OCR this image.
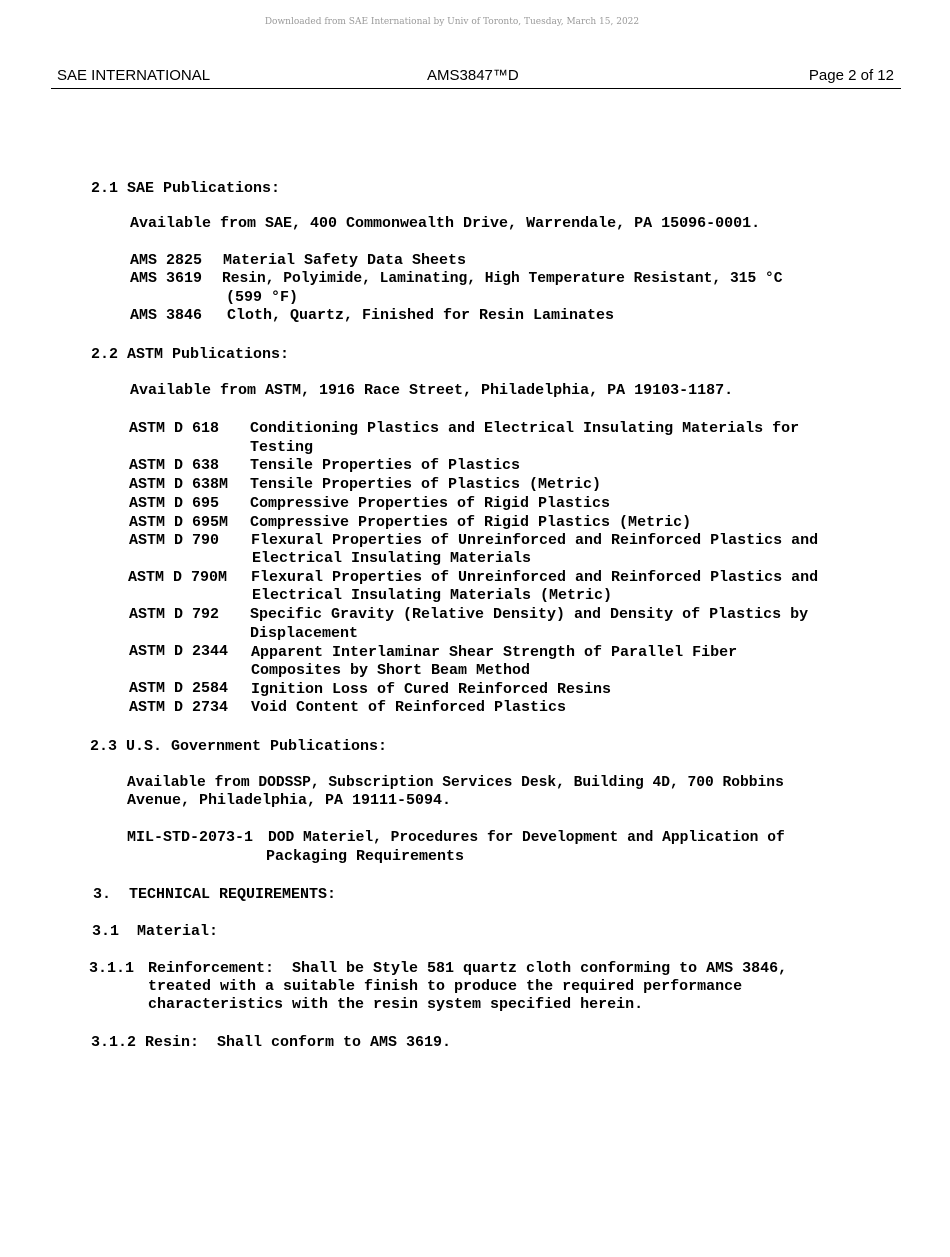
Downloaded from SAE International by Univ of Toronto, Tuesday, March 15, 2022
SAE INTERNATIONAL	AMS3847™D	Page 2 of 12
2.1 SAE Publications:
Available from SAE, 400 Commonwealth Drive, Warrendale, PA 15096-0001.
AMS 2825 Material Safety Data Sheets
AMS 3619 Resin, Polyimide, Laminating, High Temperature Resistant, 315 °C
(599 °F)
AMS 3846 Cloth, Quartz, Finished for Resin Laminates
2.2 ASTM Publications:
Available from ASTM, 1916 Race Street, Philadelphia, PA 19103-1187.
ASTM D 618 Conditioning Plastics and Electrical Insulating Materials for
Testing
ASTM D 638 Tensile Properties of Plastics
ASTM D 638M Tensile Properties of Plastics (Metric)
ASTM D 695 Compressive Properties of Rigid Plastics
ASTM D 695M Compressive Properties of Rigid Plastics (Metric)
ASTM D 790 Flexural Properties of Unreinforced and Reinforced Plastics and
Electrical Insulating Materials
ASTM D 790M Flexural Properties of Unreinforced and Reinforced Plastics and
Electrical Insulating Materials (Metric)
ASTM D 792 Specific Gravity (Relative Density) and Density of Plastics by
Displacement
ASTM D 2344 Apparent Interlaminar Shear Strength of Parallel Fiber
Composites by Short Beam Method
ASTM D 2584 Ignition Loss of Cured Reinforced Resins
ASTM D 2734 Void Content of Reinforced Plastics
2.3 U.S. Government Publications:
Available from DODSSP, Subscription Services Desk, Building 4D, 700 Robbins
Avenue, Philadelphia, PA 19111-5094.
MIL-STD-2073-1 DOD Materiel, Procedures for Development and Application of
Packaging Requirements
3.  TECHNICAL REQUIREMENTS:
3.1  Material:
3.1.1 Reinforcement:  Shall be Style 581 quartz cloth conforming to AMS 3846,
treated with a suitable finish to produce the required performance
characteristics with the resin system specified herein.
3.1.2 Resin:  Shall conform to AMS 3619.
